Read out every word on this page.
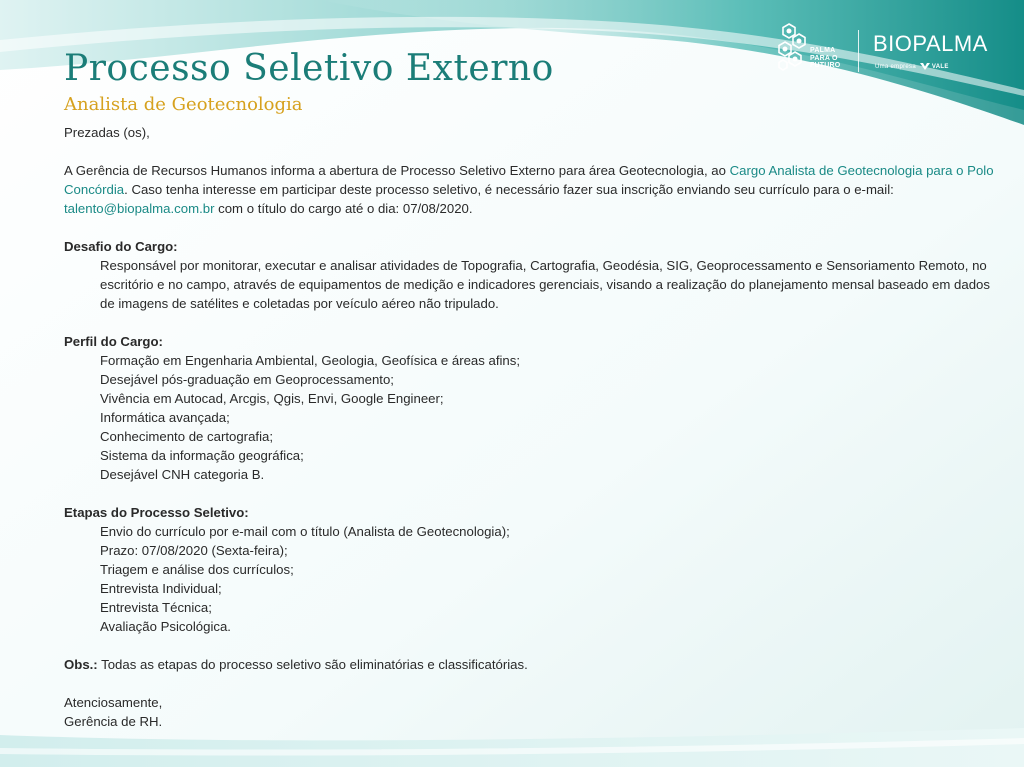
PALMA
PARA O
FUTURO
BIOPALMA
Uma empresa	VALE
Processo Seletivo Externo
Analista de Geotecnologia

Prezadas (os),

A Gerência de Recursos Humanos informa a abertura de Processo Seletivo Externo para área Geotecnologia, ao Cargo Analista de Geotecnologia para o Polo Concórdia. Caso tenha interesse em participar deste processo seletivo, é necessário fazer sua inscrição enviando seu currículo para o e-mail: talento@biopalma.com.br com o título do cargo até o dia: 07/08/2020.

Desafio do Cargo:

Responsável por monitorar, executar e analisar atividades de Topografia, Cartografia, Geodésia, SIG, Geoprocessamento e Sensoriamento Remoto, no escritório e no campo, através de equipamentos de medição e indicadores gerenciais, visando a realização do planejamento mensal baseado em dados de imagens de satélites e coletadas por veículo aéreo não tripulado.

Perfil do Cargo:

Formação em Engenharia Ambiental, Geologia, Geofísica e áreas afins;

Desejável pós-graduação em Geoprocessamento;

Vivência em Autocad, Arcgis, Qgis, Envi, Google Engineer;

Informática avançada;

Conhecimento de cartografia;

Sistema da informação geográfica;

Desejável CNH categoria B.

Etapas do Processo Seletivo:

Envio do currículo por e-mail com o título (Analista de Geotecnologia);

Prazo: 07/08/2020 (Sexta-feira);

Triagem e análise dos currículos;

Entrevista Individual;

Entrevista Técnica;

Avaliação Psicológica.

Obs.: Todas as etapas do processo seletivo são eliminatórias e classificatórias.

Atenciosamente,

Gerência de RH.
